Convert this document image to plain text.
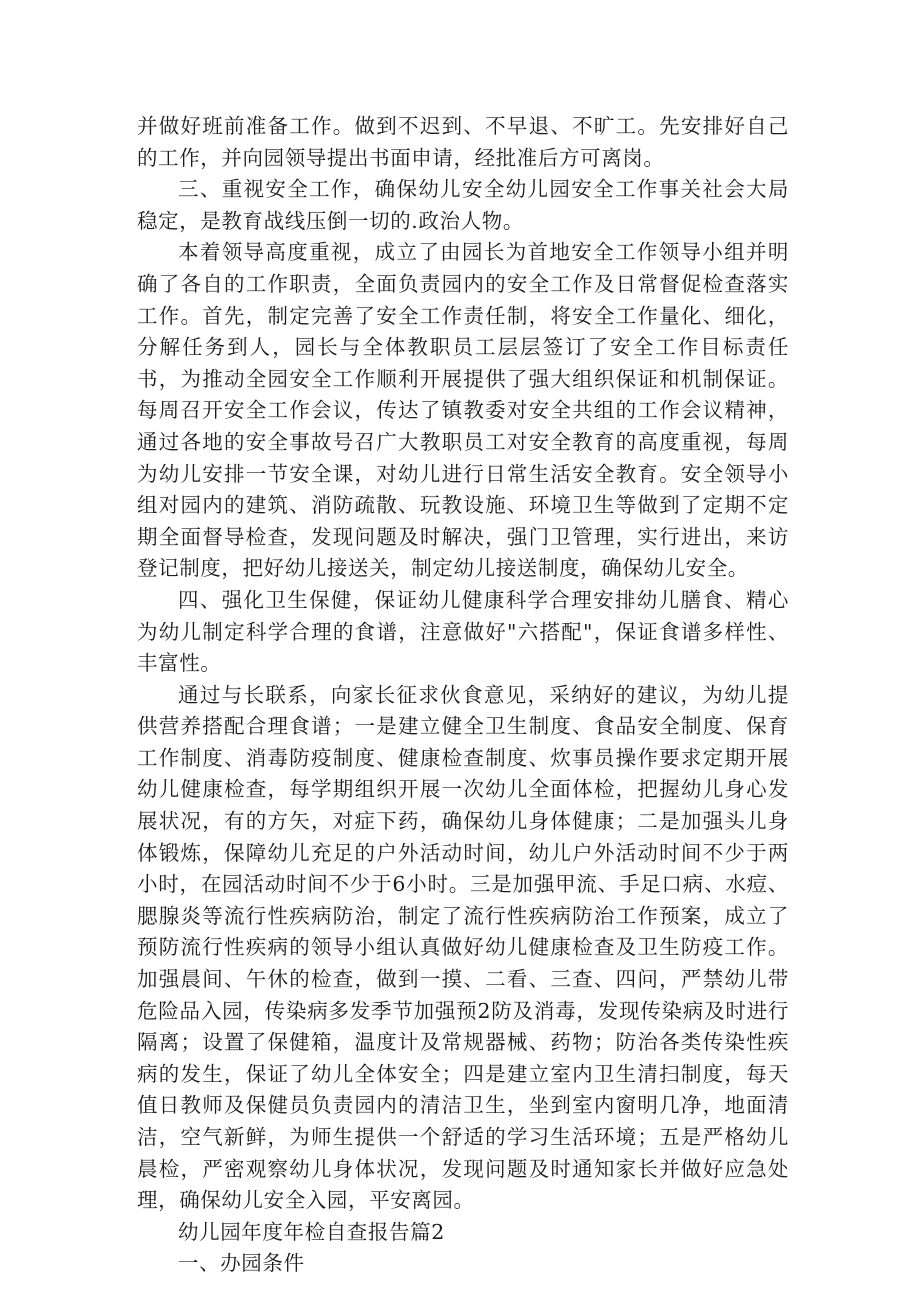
并做好班前准备工作。做到不迟到、不早退、不旷工。先安排好自己的工作，并向园领导提出书面申请，经批准后方可离岗。

三、重视安全工作，确保幼儿安全幼儿园安全工作事关社会大局稳定，是教育战线压倒一切的.政治人物。

本着领导高度重视，成立了由园长为首地安全工作领导小组并明确了各自的工作职责，全面负责园内的安全工作及日常督促检查落实工作。首先，制定完善了安全工作责任制，将安全工作量化、细化，分解任务到人，园长与全体教职员工层层签订了安全工作目标责任书，为推动全园安全工作顺利开展提供了强大组织保证和机制保证。每周召开安全工作会议，传达了镇教委对安全共组的工作会议精神，通过各地的安全事故号召广大教职员工对安全教育的高度重视，每周为幼儿安排一节安全课，对幼儿进行日常生活安全教育。安全领导小组对园内的建筑、消防疏散、玩教设施、环境卫生等做到了定期不定期全面督导检查，发现问题及时解决，强门卫管理，实行进出，来访登记制度，把好幼儿接送关，制定幼儿接送制度，确保幼儿安全。

四、强化卫生保健，保证幼儿健康科学合理安排幼儿膳食、精心为幼儿制定科学合理的食谱，注意做好"六搭配"，保证食谱多样性、丰富性。

通过与长联系，向家长征求伙食意见，采纳好的建议，为幼儿提供营养搭配合理食谱；一是建立健全卫生制度、食品安全制度、保育工作制度、消毒防疫制度、健康检查制度、炊事员操作要求定期开展幼儿健康检查，每学期组织开展一次幼儿全面体检，把握幼儿身心发展状况，有的方矢，对症下药，确保幼儿身体健康；二是加强头儿身体锻炼，保障幼儿充足的户外活动时间，幼儿户外活动时间不少于两小时，在园活动时间不少于6小时。三是加强甲流、手足口病、水痘、腮腺炎等流行性疾病防治，制定了流行性疾病防治工作预案，成立了预防流行性疾病的领导小组认真做好幼儿健康检查及卫生防疫工作。加强晨间、午休的检查，做到一摸、二看、三查、四问，严禁幼儿带危险品入园，传染病多发季节加强预2防及消毒，发现传染病及时进行隔离；设置了保健箱，温度计及常规器械、药物；防治各类传染性疾病的发生，保证了幼儿全体安全；四是建立室内卫生清扫制度，每天值日教师及保健员负责园内的清洁卫生，坐到室内窗明几净，地面清洁，空气新鲜，为师生提供一个舒适的学习生活环境；五是严格幼儿晨检，严密观察幼儿身体状况，发现问题及时通知家长并做好应急处理，确保幼儿安全入园，平安离园。

幼儿园年度年检自查报告篇2

一、办园条件
